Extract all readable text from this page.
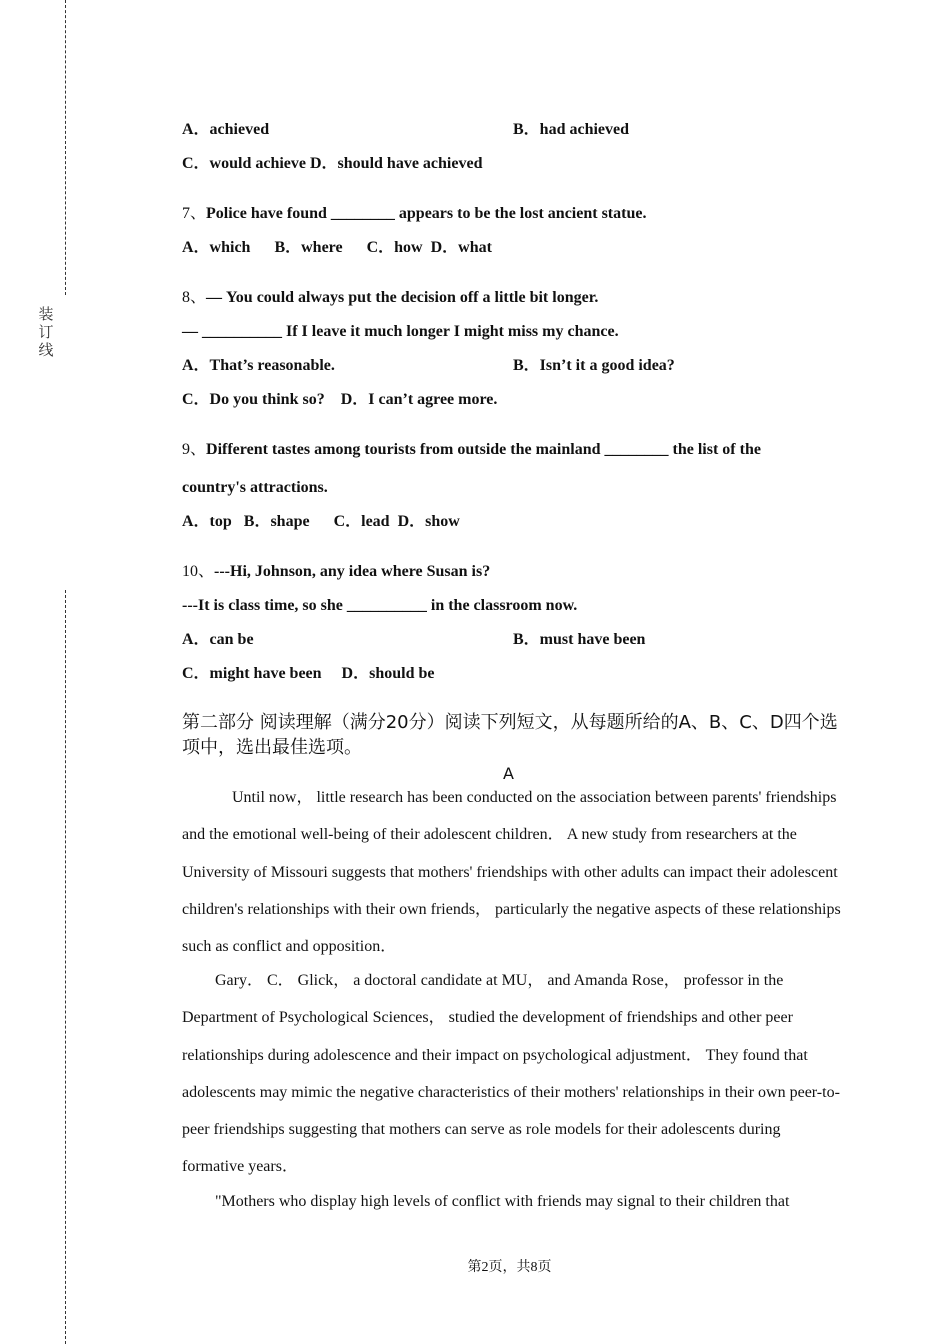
装
订
线
A．achieved	B．had achieved
C．would achieve D．should have achieved
7、Police have found ________ appears to be the lost ancient statue.
A．which      B．where      C．how  D．what
8、— You could always put the decision off a little bit longer.
— __________ If I leave it much longer I might miss my chance.
A．That’s reasonable.	B．Isn’t it a good idea?
C．Do you think so?    D．I can’t agree more.
9、Different tastes among tourists from outside the mainland ________ the list of the
country's attractions.
A．top   B．shape      C．lead  D．show
10、---Hi, Johnson, any idea where Susan is?
---It is class time, so she __________ in the classroom now.
A．can be	B．must have been
C．might have been     D．should be
第二部分 阅读理解（满分20分）阅读下列短文，从每题所给的A、B、C、D四个选项中，选出最佳选项。
A
Until now， little research has been conducted on the association between parents' friendships and the emotional well-being of their adolescent children． A new study from researchers at the University of Missouri suggests that mothers' friendships with other adults can impact their adolescent children's relationships with their own friends， particularly the negative aspects of these relationships such as conflict and opposition．
Gary． C． Glick， a doctoral candidate at MU， and Amanda Rose， professor in the Department of Psychological Sciences， studied the development of friendships and other peer relationships during adolescence and their impact on psychological adjustment． They found that adolescents may mimic the negative characteristics of their mothers' relationships in their own peer-to-peer friendships suggesting that mothers can serve as role models for their adolescents during formative years．
"Mothers who display high levels of conflict with friends may signal to their children that
第2页，共8页
